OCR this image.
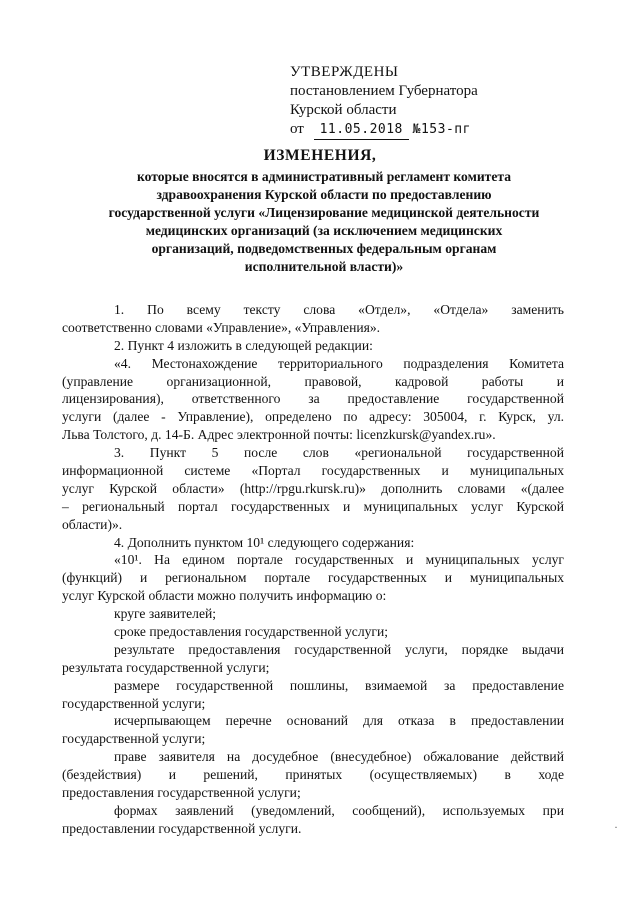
УТВЕРЖДЕНЫ
постановлением Губернатора
Курской области
от 11.05.2018 №153-пг
ИЗМЕНЕНИЯ,
которые вносятся в административный регламент комитета
здравоохранения Курской области по предоставлению
государственной услуги «Лицензирование медицинской деятельности
медицинских организаций (за исключением медицинских
организаций, подведомственных федеральным органам
исполнительной власти)»
1. По всему тексту слова «Отдел», «Отдела» заменить
соответственно словами «Управление», «Управления».
2. Пункт 4 изложить в следующей редакции:
«4. Местонахождение территориального подразделения Комитета
(управление организационной, правовой, кадровой работы и
лицензирования), ответственного за предоставление государственной
услуги (далее - Управление), определено по адресу: 305004, г. Курск, ул.
Льва Толстого, д. 14-Б. Адрес электронной почты: licenzkursk@yandex.ru».
3. Пункт 5 после слов «региональной государственной
информационной системе «Портал государственных и муниципальных
услуг Курской области» (http://rpgu.rkursk.ru)» дополнить словами «(далее
– региональный портал государственных и муниципальных услуг Курской
области)».
4. Дополнить пунктом 10¹ следующего содержания:
«10¹. На едином портале государственных и муниципальных услуг
(функций) и региональном портале государственных и муниципальных
услуг Курской области можно получить информацию о:
круге заявителей;
сроке предоставления государственной услуги;
результате предоставления государственной услуги, порядке выдачи
результата государственной услуги;
размере государственной пошлины, взимаемой за предоставление
государственной услуги;
исчерпывающем перечне оснований для отказа в предоставлении
государственной услуги;
праве заявителя на досудебное (внесудебное) обжалование действий
(бездействия) и решений, принятых (осуществляемых) в ходе
предоставления государственной услуги;
формах заявлений (уведомлений, сообщений), используемых при
предоставлении государственной услуги.	·
